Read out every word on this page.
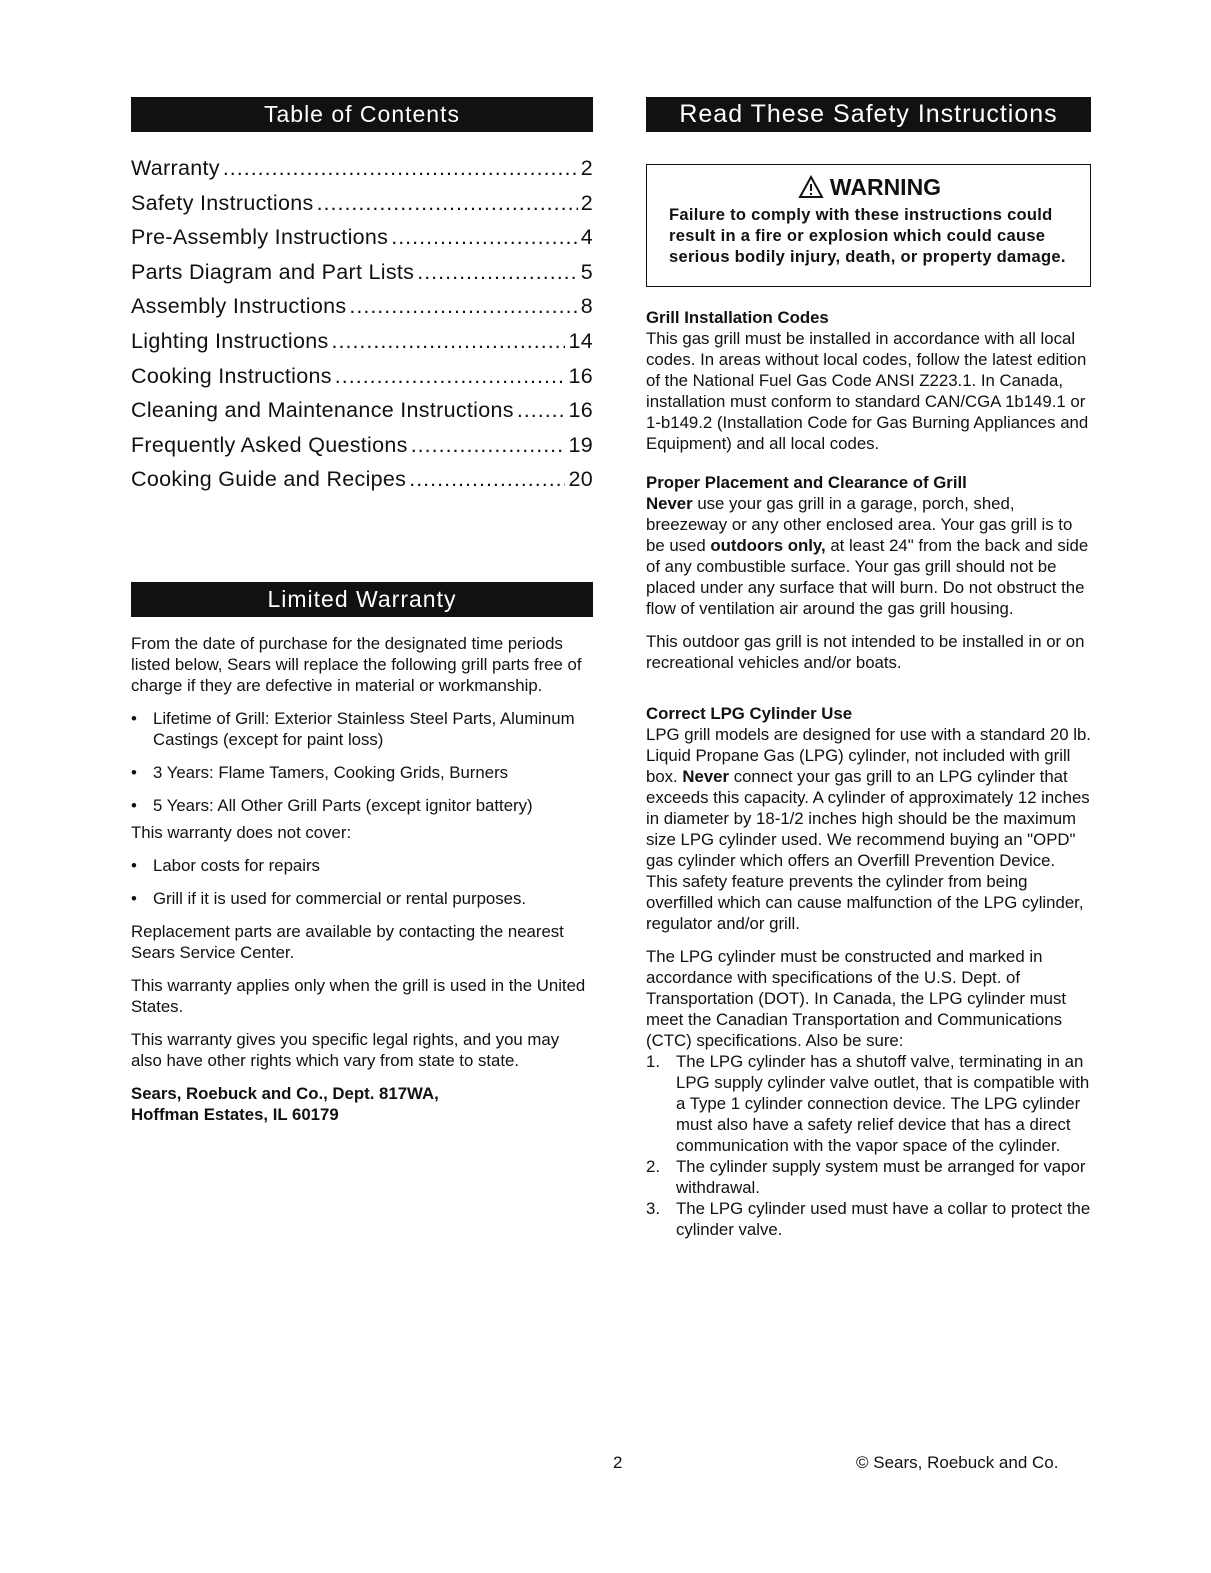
Table of Contents
Warranty .....	2
Safety Instructions .....	2
Pre-Assembly Instructions .....	4
Parts Diagram and Part Lists .....	5
Assembly Instructions .....	8
Lighting Instructions .....	14
Cooking Instructions .....	16
Cleaning and Maintenance Instructions .....	16
Frequently Asked Questions .....	19
Cooking Guide and Recipes .....	20
Limited Warranty

From the date of purchase for the designated time periods listed below, Sears will replace the following grill parts free of charge if they are defective in material or workmanship.

• Lifetime of Grill: Exterior Stainless Steel Parts, Aluminum Castings (except for paint loss)
• 3 Years: Flame Tamers, Cooking Grids, Burners
• 5 Years: All Other Grill Parts (except ignitor battery)

This warranty does not cover:

• Labor costs for repairs
• Grill if it is used for commercial or rental purposes.

Replacement parts are available by contacting the nearest Sears Service Center.

This warranty applies only when the grill is used in the United States.

This warranty gives you specific legal rights, and you may also have other rights which vary from state to state.

Sears, Roebuck and Co., Dept. 817WA,

Hoffman Estates, IL 60179

Read These Safety Instructions
WARNING
Failure to comply with these instructions could result in a fire or explosion which could cause serious bodily injury, death, or property damage.
Grill Installation Codes

This gas grill must be installed in accordance with all local codes. In areas without local codes, follow the latest edition of the National Fuel Gas Code ANSI Z223.1. In Canada, installation must conform to standard CAN/CGA 1b149.1 or 1-b149.2 (Installation Code for Gas Burning Appliances and Equipment) and all local codes.

Proper Placement and Clearance of Grill

Never use your gas grill in a garage, porch, shed, breezeway or any other enclosed area. Your gas grill is to be used outdoors only, at least 24" from the back and side of any combustible surface. Your gas grill should not be placed under any surface that will burn. Do not obstruct the flow of ventilation air around the gas grill housing.

This outdoor gas grill is not intended to be installed in or on recreational vehicles and/or boats.

Correct LPG Cylinder Use

LPG grill models are designed for use with a standard 20 lb. Liquid Propane Gas (LPG) cylinder, not included with grill box. Never connect your gas grill to an LPG cylinder that exceeds this capacity. A cylinder of approximately 12 inches in diameter by 18-1/2 inches high should be the maximum size LPG cylinder used. We recommend buying an "OPD" gas cylinder which offers an Overfill Prevention Device. This safety feature prevents the cylinder from being overfilled which can cause malfunction of the LPG cylinder, regulator and/or grill.

The LPG cylinder must be constructed and marked in accordance with specifications of the U.S. Dept. of Transportation (DOT). In Canada, the LPG cylinder must meet the Canadian Transportation and Communications (CTC) specifications. Also be sure:

1. The LPG cylinder has a shutoff valve, terminating in an LPG supply cylinder valve outlet, that is compatible with a Type 1 cylinder connection device. The LPG cylinder must also have a safety relief device that has a direct communication with the vapor space of the cylinder.
2. The cylinder supply system must be arranged for vapor withdrawal.
3. The LPG cylinder used must have a collar to protect the cylinder valve.
2	© Sears, Roebuck and Co.
